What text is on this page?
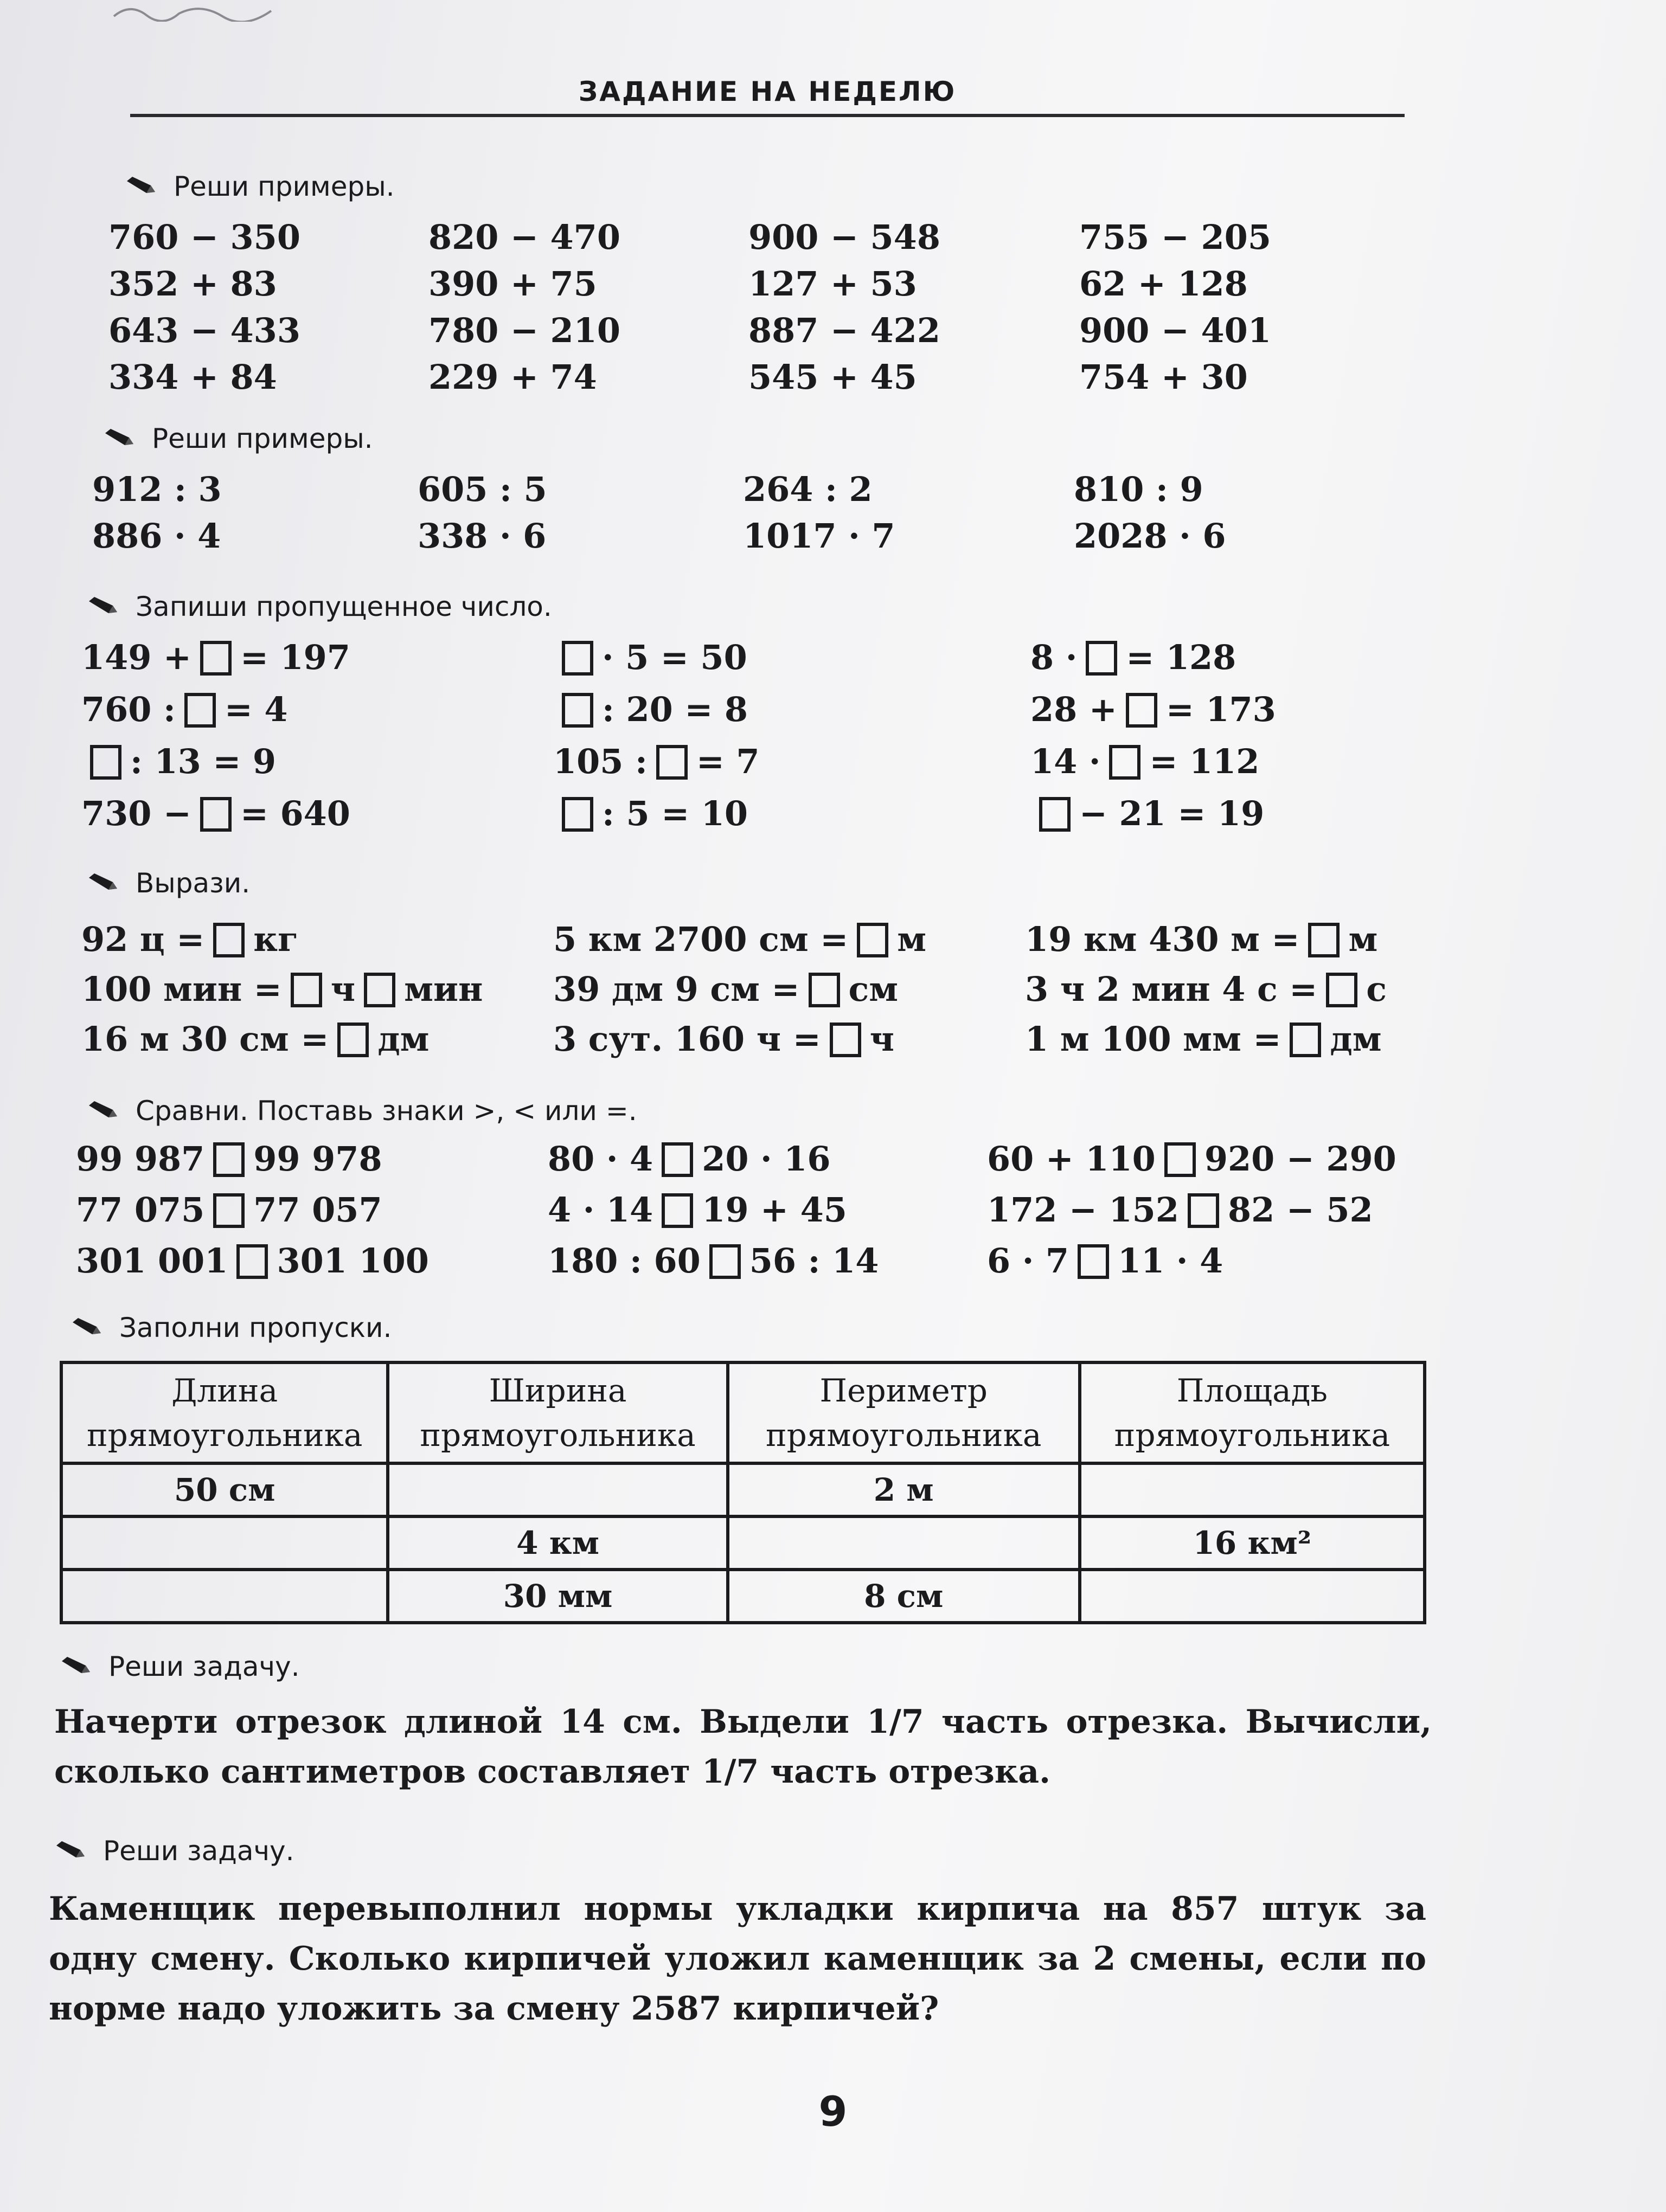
ЗАДАНИЕ НА НЕДЕЛЮ
Реши примеры.
760 − 350	820 − 470	900 − 548	755 − 205
352 + 83	390 + 75	127 + 53	62 + 128
643 − 433	780 − 210	887 − 422	900 − 401
334 + 84	229 + 74	545 + 45	754 + 30
Реши примеры.
912 : 3	605 : 5	264 : 2	810 : 9
886 · 4	338 · 6	1017 · 7	2028 · 6
Запиши пропущенное число.
149 + = 197	· 5 = 50	8 · = 128
760 : = 4	: 20 = 8	28 + = 173
: 13 = 9	105 : = 7	14 · = 112
730 − = 640	: 5 = 10	− 21 = 19
Вырази.
92 ц = кг	5 км 2700 см = м	19 км 430 м = м
100 мин = ч мин	39 дм 9 см = см	3 ч 2 мин 4 с = с
16 м 30 см = дм	3 сут. 160 ч = ч	1 м 100 мм = дм
Сравни. Поставь знаки >, < или =.
99 987 99 978	80 · 4 20 · 16	60 + 110 920 − 290
77 075 77 057	4 · 14 19 + 45	172 − 152 82 − 52
301 001 301 100	180 : 60 56 : 14	6 · 7 11 · 4
Заполни пропуски.
Длина прямоугольника	Ширина прямоугольника	Периметр прямоугольника	Площадь прямоугольника
50 см		2 м	
	4 км		16 км²
	30 мм	8 см	
Реши задачу.
Начерти отрезок длиной 14 см. Выдели 1/7 часть отрезка. Вычисли, сколько сантиметров составляет 1/7 часть отрезка.
Реши задачу.
Каменщик перевыполнил нормы укладки кирпича на 857 штук за одну смену. Сколько кирпичей уложил каменщик за 2 смены, если по норме надо уложить за смену 2587 кирпичей?
9
